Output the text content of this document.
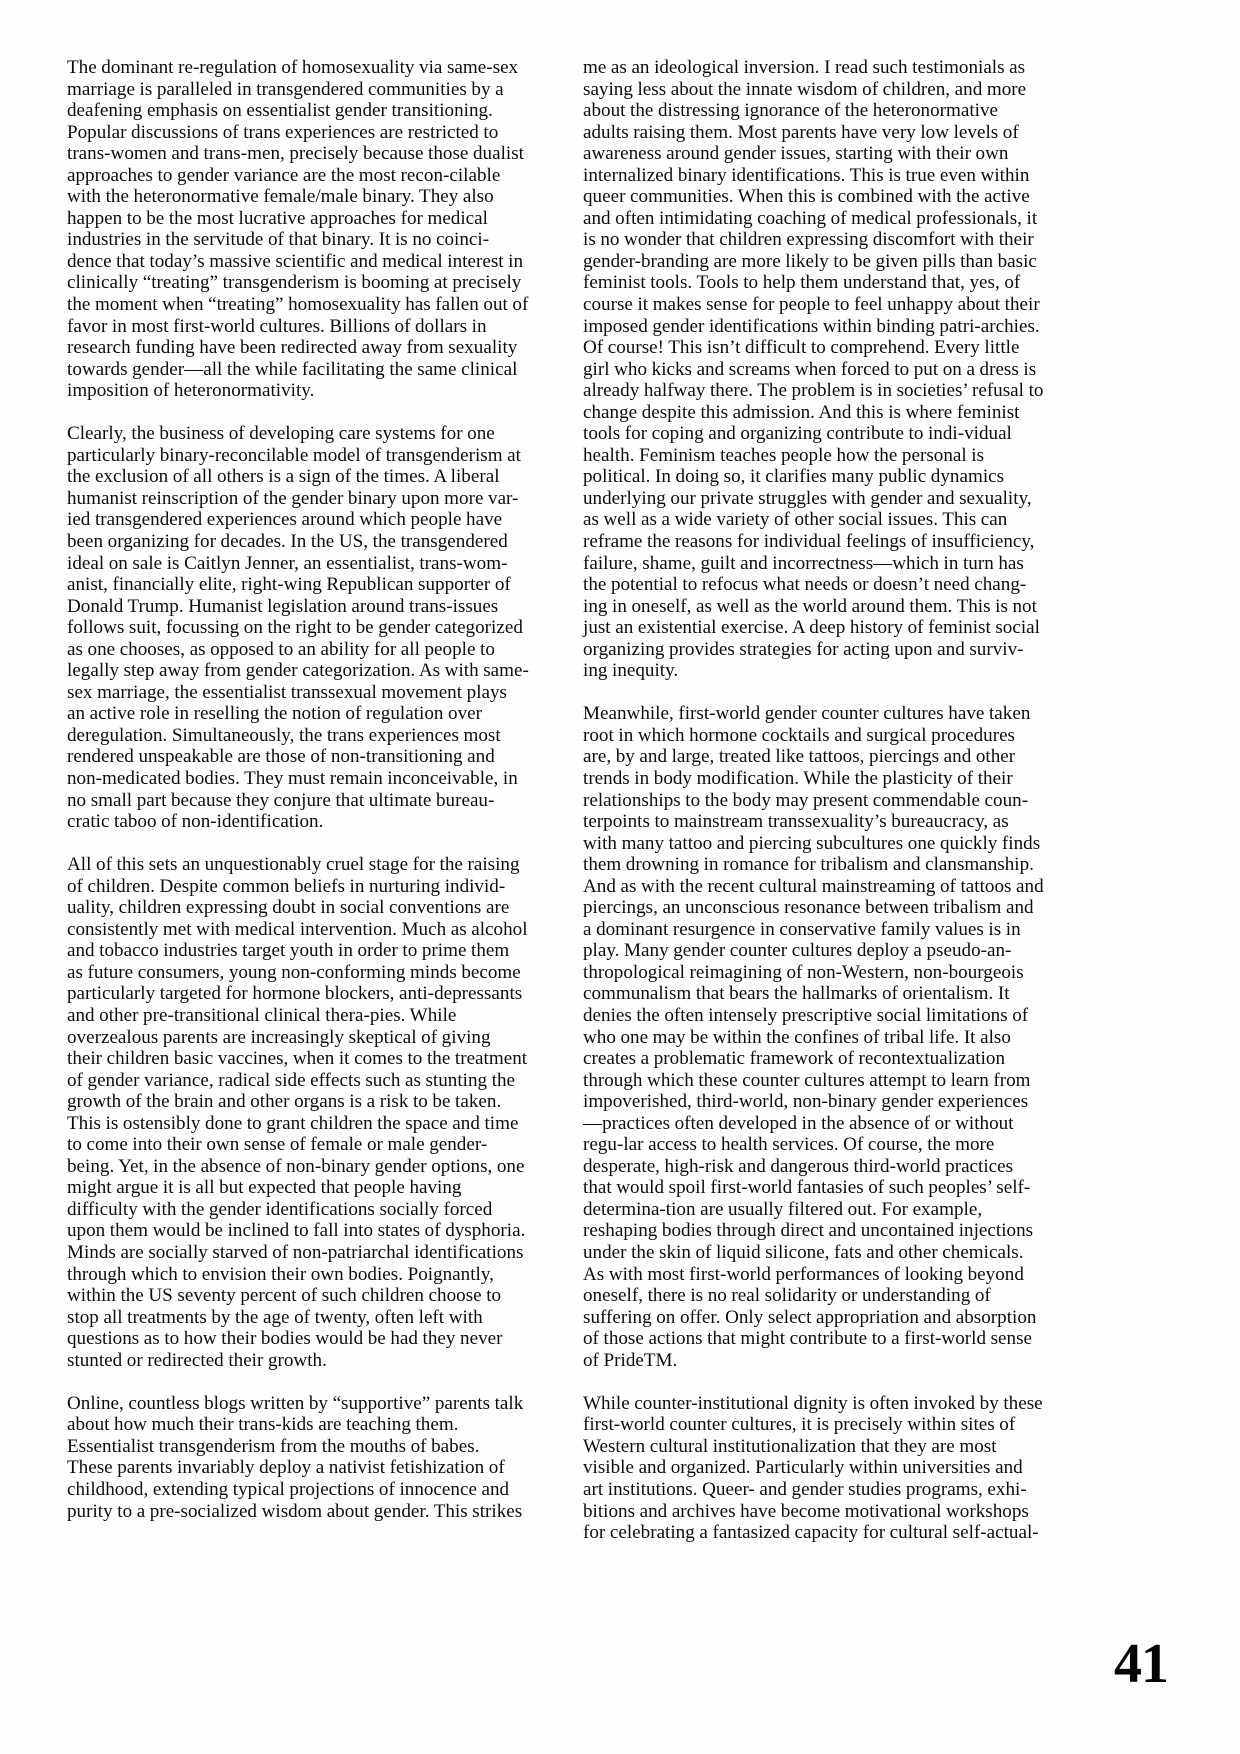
The dominant re-regulation of homosexuality via same-sex marriage is paralleled in transgendered communities by a deafening emphasis on essentialist gender transitioning. Popular discussions of trans experiences are restricted to trans-women and trans-men, precisely because those dualist approaches to gender variance are the most recon-cilable with the heteronormative female/male binary. They also happen to be the most lucrative approaches for medical industries in the servitude of that binary. It is no coinci-dence that today’s massive scientific and medical interest in clinically “treating” transgenderism is booming at precisely the moment when “treating” homosexuality has fallen out of favor in most first-world cultures. Billions of dollars in research funding have been redirected away from sexuality towards gender—all the while facilitating the same clinical imposition of heteronormativity.

Clearly, the business of developing care systems for one particularly binary-reconcilable model of transgenderism at the exclusion of all others is a sign of the times. A liberal humanist reinscription of the gender binary upon more var-ied transgendered experiences around which people have been organizing for decades. In the US, the transgendered ideal on sale is Caitlyn Jenner, an essentialist, trans-wom-anist, financially elite, right-wing Republican supporter of Donald Trump. Humanist legislation around trans-issues follows suit, focussing on the right to be gender categorized as one chooses, as opposed to an ability for all people to legally step away from gender categorization. As with same-sex marriage, the essentialist transsexual movement plays an active role in reselling the notion of regulation over deregulation. Simultaneously, the trans experiences most rendered unspeakable are those of non-transitioning and non-medicated bodies. They must remain inconceivable, in no small part because they conjure that ultimate bureau-cratic taboo of non-identification.

All of this sets an unquestionably cruel stage for the raising of children. Despite common beliefs in nurturing individ-uality, children expressing doubt in social conventions are consistently met with medical intervention. Much as alcohol and tobacco industries target youth in order to prime them as future consumers, young non-conforming minds become particularly targeted for hormone blockers, anti-depressants and other pre-transitional clinical thera-pies. While overzealous parents are increasingly skeptical of giving their children basic vaccines, when it comes to the treatment of gender variance, radical side effects such as stunting the growth of the brain and other organs is a risk to be taken. This is ostensibly done to grant children the space and time to come into their own sense of female or male gender-being. Yet, in the absence of non-binary gender options, one might argue it is all but expected that people having difficulty with the gender identifications socially forced upon them would be inclined to fall into states of dysphoria. Minds are socially starved of non-patriarchal identifications through which to envision their own bodies. Poignantly, within the US seventy percent of such children choose to stop all treatments by the age of twenty, often left with questions as to how their bodies would be had they never stunted or redirected their growth.

Online, countless blogs written by “supportive” parents talk about how much their trans-kids are teaching them. Essentialist transgenderism from the mouths of babes. These parents invariably deploy a nativist fetishization of childhood, extending typical projections of innocence and purity to a pre-socialized wisdom about gender. This strikes

me as an ideological inversion. I read such testimonials as saying less about the innate wisdom of children, and more about the distressing ignorance of the heteronormative adults raising them. Most parents have very low levels of awareness around gender issues, starting with their own internalized binary identifications. This is true even within queer communities. When this is combined with the active and often intimidating coaching of medical professionals, it is no wonder that children expressing discomfort with their gender-branding are more likely to be given pills than basic feminist tools. Tools to help them understand that, yes, of course it makes sense for people to feel unhappy about their imposed gender identifications within binding patri-archies. Of course! This isn’t difficult to comprehend. Every little girl who kicks and screams when forced to put on a dress is already halfway there. The problem is in societies’ refusal to change despite this admission. And this is where feminist tools for coping and organizing contribute to indi-vidual health. Feminism teaches people how the personal is political. In doing so, it clarifies many public dynamics underlying our private struggles with gender and sexuality, as well as a wide variety of other social issues. This can reframe the reasons for individual feelings of insufficiency, failure, shame, guilt and incorrectness—which in turn has the potential to refocus what needs or doesn’t need chang-ing in oneself, as well as the world around them. This is not just an existential exercise. A deep history of feminist social organizing provides strategies for acting upon and surviv-ing inequity.

Meanwhile, first-world gender counter cultures have taken root in which hormone cocktails and surgical procedures are, by and large, treated like tattoos, piercings and other trends in body modification. While the plasticity of their relationships to the body may present commendable coun-terpoints to mainstream transsexuality’s bureaucracy, as with many tattoo and piercing subcultures one quickly finds them drowning in romance for tribalism and clansmanship. And as with the recent cultural mainstreaming of tattoos and piercings, an unconscious resonance between tribalism and a dominant resurgence in conservative family values is in play. Many gender counter cultures deploy a pseudo-an-thropological reimagining of non-Western, non-bourgeois communalism that bears the hallmarks of orientalism. It denies the often intensely prescriptive social limitations of who one may be within the confines of tribal life. It also creates a problematic framework of recontextualization through which these counter cultures attempt to learn from impoverished, third-world, non-binary gender experiences—practices often developed in the absence of or without regu-lar access to health services. Of course, the more desperate, high-risk and dangerous third-world practices that would spoil first-world fantasies of such peoples’ self-determina-tion are usually filtered out. For example, reshaping bodies through direct and uncontained injections under the skin of liquid silicone, fats and other chemicals. As with most first-world performances of looking beyond oneself, there is no real solidarity or understanding of suffering on offer. Only select appropriation and absorption of those actions that might contribute to a first-world sense of PrideTM.

While counter-institutional dignity is often invoked by these first-world counter cultures, it is precisely within sites of Western cultural institutionalization that they are most visible and organized. Particularly within universities and art institutions. Queer- and gender studies programs, exhi-bitions and archives have become motivational workshops for celebrating a fantasized capacity for cultural self-actual-

41
